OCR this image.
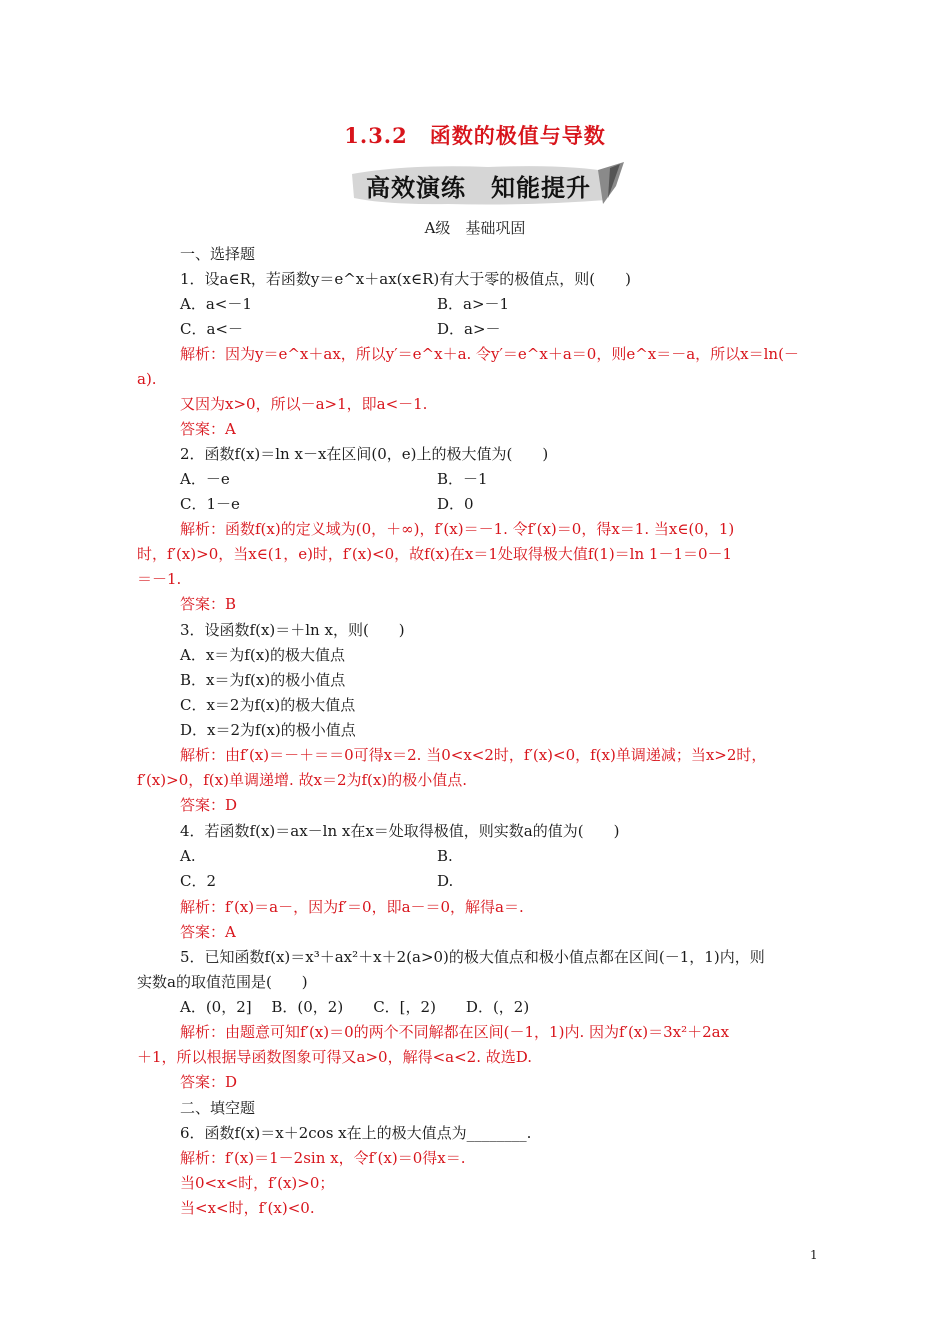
1.3.2　函数的极值与导数
高效演练　知能提升
A级　基础巩固
一、选择题
1．设a∈R，若函数y＝e^x＋ax(x∈R)有大于零的极值点，则(　　)
A．a<－1	B．a>－1
C．a<－	D．a>－
解析：因为y＝e^x＋ax，所以y′＝e^x＋a. 令y′＝e^x＋a＝0，则e^x＝－a，所以x＝ln(－
a).
又因为x>0，所以－a>1，即a<－1.
答案：A
2．函数f(x)＝ln x－x在区间(0，e)上的极大值为(　　)
A．－e	B．－1
C．1－e	D．0
解析：函数f(x)的定义域为(0，＋∞)，f′(x)＝－1. 令f′(x)＝0，得x＝1. 当x∈(0，1)
时，f′(x)>0，当x∈(1，e)时，f′(x)<0，故f(x)在x＝1处取得极大值f(1)＝ln 1－1＝0－1
＝－1.
答案：B
3．设函数f(x)＝＋ln x，则(　　)
A．x＝为f(x)的极大值点
B．x＝为f(x)的极小值点
C．x＝2为f(x)的极大值点
D．x＝2为f(x)的极小值点
解析：由f′(x)＝－＋＝＝0可得x＝2. 当0<x<2时，f′(x)<0，f(x)单调递减；当x>2时，
f′(x)>0，f(x)单调递增. 故x＝2为f(x)的极小值点.
答案：D
4．若函数f(x)＝ax－ln x在x＝处取得极值，则实数a的值为(　　)
A.	B.
C．2	D.
解析：f′(x)＝a－，因为f′＝0，即a－＝0，解得a＝.
答案：A
5．已知函数f(x)＝x³＋ax²＋x＋2(a>0)的极大值点和极小值点都在区间(－1，1)内，则
实数a的取值范围是(　　)
A．(0，2]　 B．(0，2)　　C．[，2)　　D．(，2)
解析：由题意可知f′(x)＝0的两个不同解都在区间(－1，1)内. 因为f′(x)＝3x²＋2ax
＋1，所以根据导函数图象可得又a>0，解得<a<2. 故选D.
答案：D
二、填空题
6．函数f(x)＝x＋2cos x在上的极大值点为________.
解析：f′(x)＝1－2sin x，令f′(x)＝0得x＝.
当0<x<时，f′(x)>0；
当<x<时，f′(x)<0.
1
